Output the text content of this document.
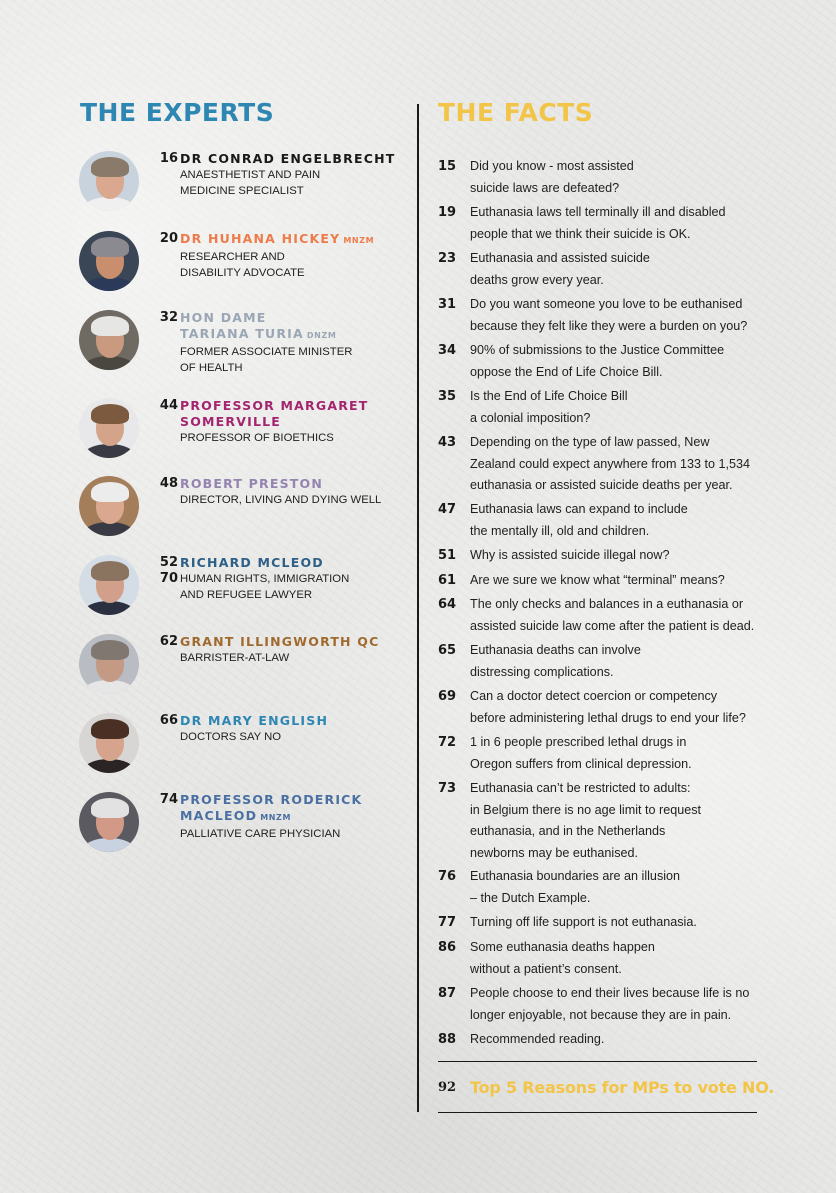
THE EXPERTS	THE FACTS
16 DR CONRAD ENGELBRECHT
ANAESTHETIST AND PAIN
MEDICINE SPECIALIST
20 DR HUHANA HICKEY MNZM
RESEARCHER AND
DISABILITY ADVOCATE
32 HON DAME
TARIANA TURIA DNZM
FORMER ASSOCIATE MINISTER
OF HEALTH
44 PROFESSOR MARGARET
SOMERVILLE
PROFESSOR OF BIOETHICS
48 ROBERT PRESTON
DIRECTOR, LIVING AND DYING WELL
52
70
RICHARD MCLEOD
HUMAN RIGHTS, IMMIGRATION
AND REFUGEE LAWYER
62 GRANT ILLINGWORTH QC
BARRISTER-AT-LAW
66 DR MARY ENGLISH
DOCTORS SAY NO
74 PROFESSOR RODERICK
MACLEOD MNZM
PALLIATIVE CARE PHYSICIAN
15 Did you know - most assisted
suicide laws are defeated?
19 Euthanasia laws tell terminally ill and disabled
people that we think their suicide is OK.
23 Euthanasia and assisted suicide
deaths grow every year.
31 Do you want someone you love to be euthanised
because they felt like they were a burden on you?
34 90% of submissions to the Justice Committee
oppose the End of Life Choice Bill.
35 Is the End of Life Choice Bill
a colonial imposition?
43 Depending on the type of law passed, New
Zealand could expect anywhere from 133 to 1,534
euthanasia or assisted suicide deaths per year.
47 Euthanasia laws can expand to include
the mentally ill, old and children.
51 Why is assisted suicide illegal now?
61 Are we sure we know what “terminal” means?
64 The only checks and balances in a euthanasia or
assisted suicide law come after the patient is dead.
65 Euthanasia deaths can involve
distressing complications.
69 Can a doctor detect coercion or competency
before administering lethal drugs to end your life?
72 1 in 6 people prescribed lethal drugs in
Oregon suffers from clinical depression.
73 Euthanasia can’t be restricted to adults:
in Belgium there is no age limit to request
euthanasia, and in the Netherlands
newborns may be euthanised.
76 Euthanasia boundaries are an illusion
– the Dutch Example.
77 Turning off life support is not euthanasia.
86 Some euthanasia deaths happen
without a patient’s consent.
87 People choose to end their lives because life is no
longer enjoyable, not because they are in pain.
88 Recommended reading.
92 Top 5 Reasons for MPs to vote NO.
